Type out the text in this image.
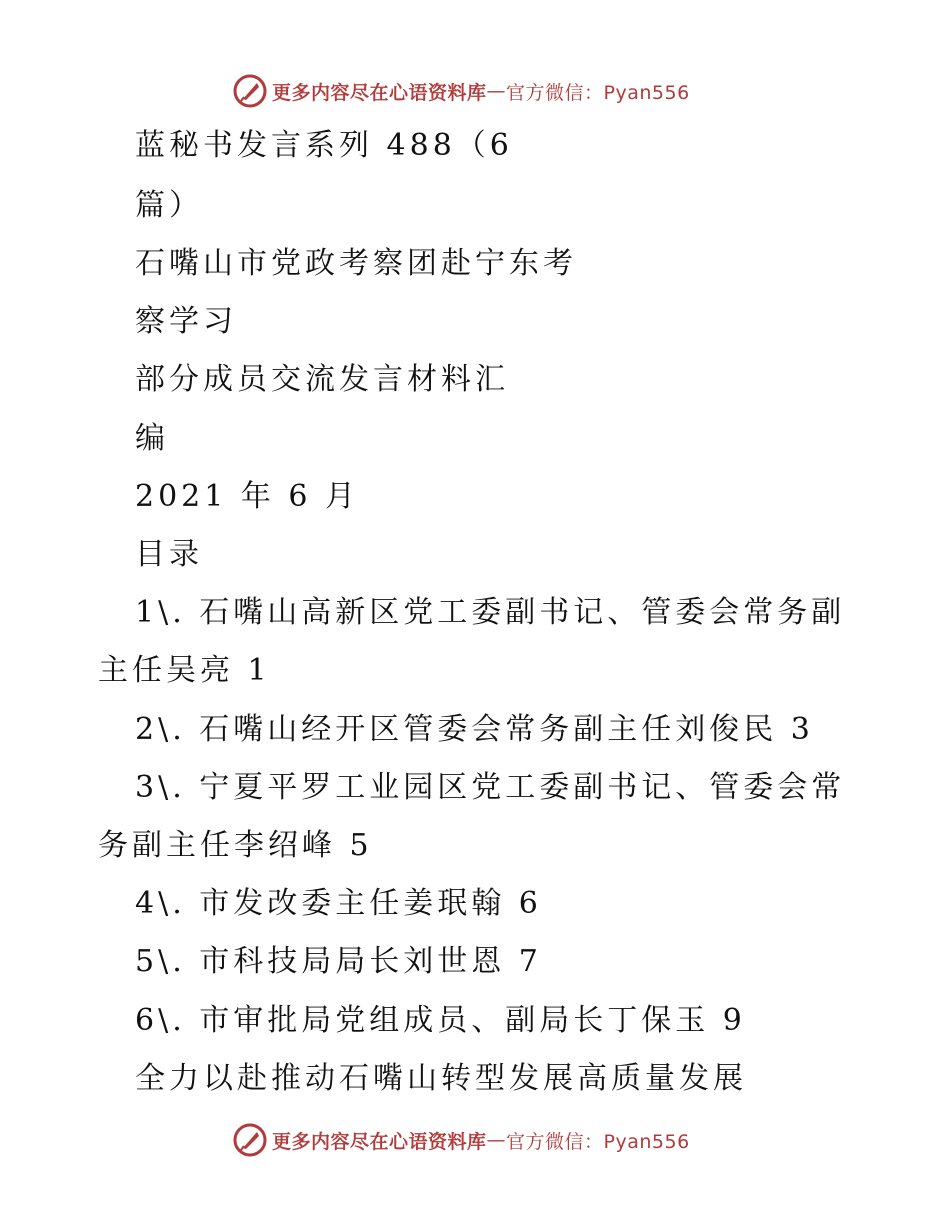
更多内容尽在心语资料库 — 官方微信：Pyan556
蓝秘书发言系列 488（6
篇）
石嘴山市党政考察团赴宁东考
察学习
部分成员交流发言材料汇
编
2021 年 6 月
目录
1\. 石嘴山高新区党工委副书记、管委会常务副
主任吴亮 1
2\. 石嘴山经开区管委会常务副主任刘俊民 3
3\. 宁夏平罗工业园区党工委副书记、管委会常
务副主任李绍峰 5
4\. 市发改委主任姜珉翰 6
5\. 市科技局局长刘世恩 7
6\. 市审批局党组成员、副局长丁保玉 9
全力以赴推动石嘴山转型发展高质量发展
更多内容尽在心语资料库 — 官方微信：Pyan556
